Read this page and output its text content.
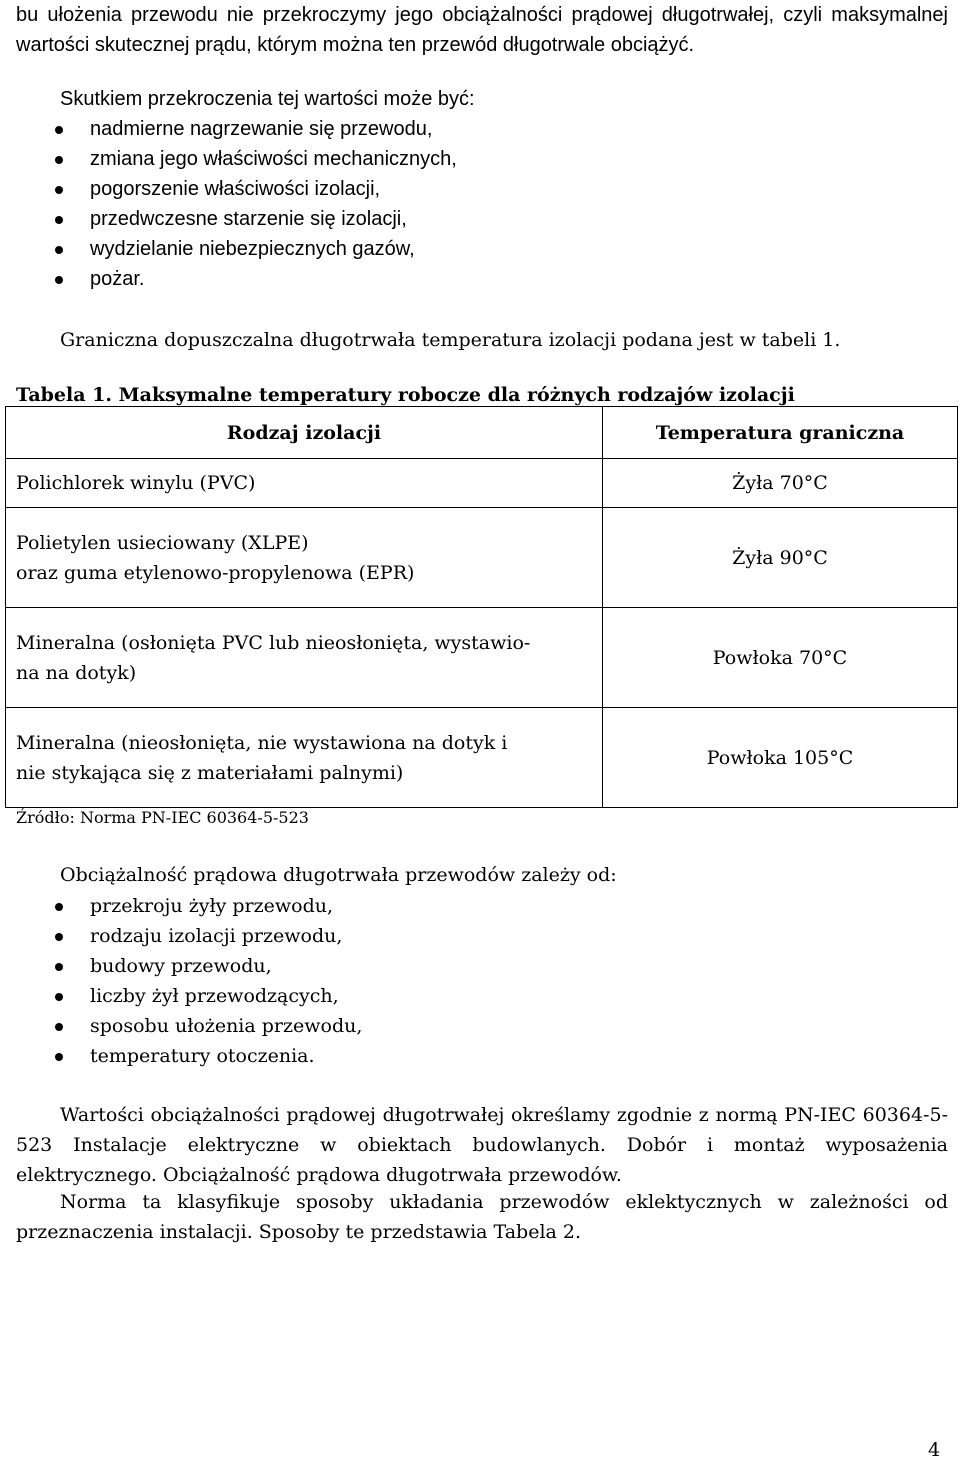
bu ułożenia przewodu nie przekroczymy jego obciążalności prądowej długotrwałej, czyli maksymalnej wartości skutecznej prądu, którym można ten przewód długotrwale obciążyć.
Skutkiem przekroczenia tej wartości może być:
nadmierne nagrzewanie się przewodu,
zmiana jego właściwości mechanicznych,
pogorszenie właściwości izolacji,
przedwczesne starzenie się izolacji,
wydzielanie niebezpiecznych gazów,
pożar.
Graniczna dopuszczalna długotrwała temperatura izolacji podana jest w tabeli 1.
Tabela 1. Maksymalne temperatury robocze dla różnych rodzajów izolacji
Rodzaj izolacji	Temperatura graniczna
Polichlorek winylu (PVC)	Żyła 70°C
Polietylen usieciowany (XLPE)
oraz guma etylenowo-propylenowa (EPR)	Żyła 90°C
Mineralna (osłonięta PVC lub nieosłonięta, wystawio-
na na dotyk)	Powłoka 70°C
Mineralna (nieosłonięta, nie wystawiona na dotyk i
nie stykająca się z materiałami palnymi)	Powłoka 105°C
Źródło: Norma PN-IEC 60364-5-523
Obciążalność prądowa długotrwała przewodów zależy od:
przekroju żyły przewodu,
rodzaju izolacji przewodu,
budowy przewodu,
liczby żył przewodzących,
sposobu ułożenia przewodu,
temperatury otoczenia.
Wartości obciążalności prądowej długotrwałej określamy zgodnie z normą PN-IEC 60364-5-523 Instalacje elektryczne w obiektach budowlanych. Dobór i montaż wyposażenia elektrycznego. Obciążalność prądowa długotrwała przewodów.
Norma ta klasyfikuje sposoby układania przewodów eklektycznych w zależności od przeznaczenia instalacji. Sposoby te przedstawia Tabela 2.
4
